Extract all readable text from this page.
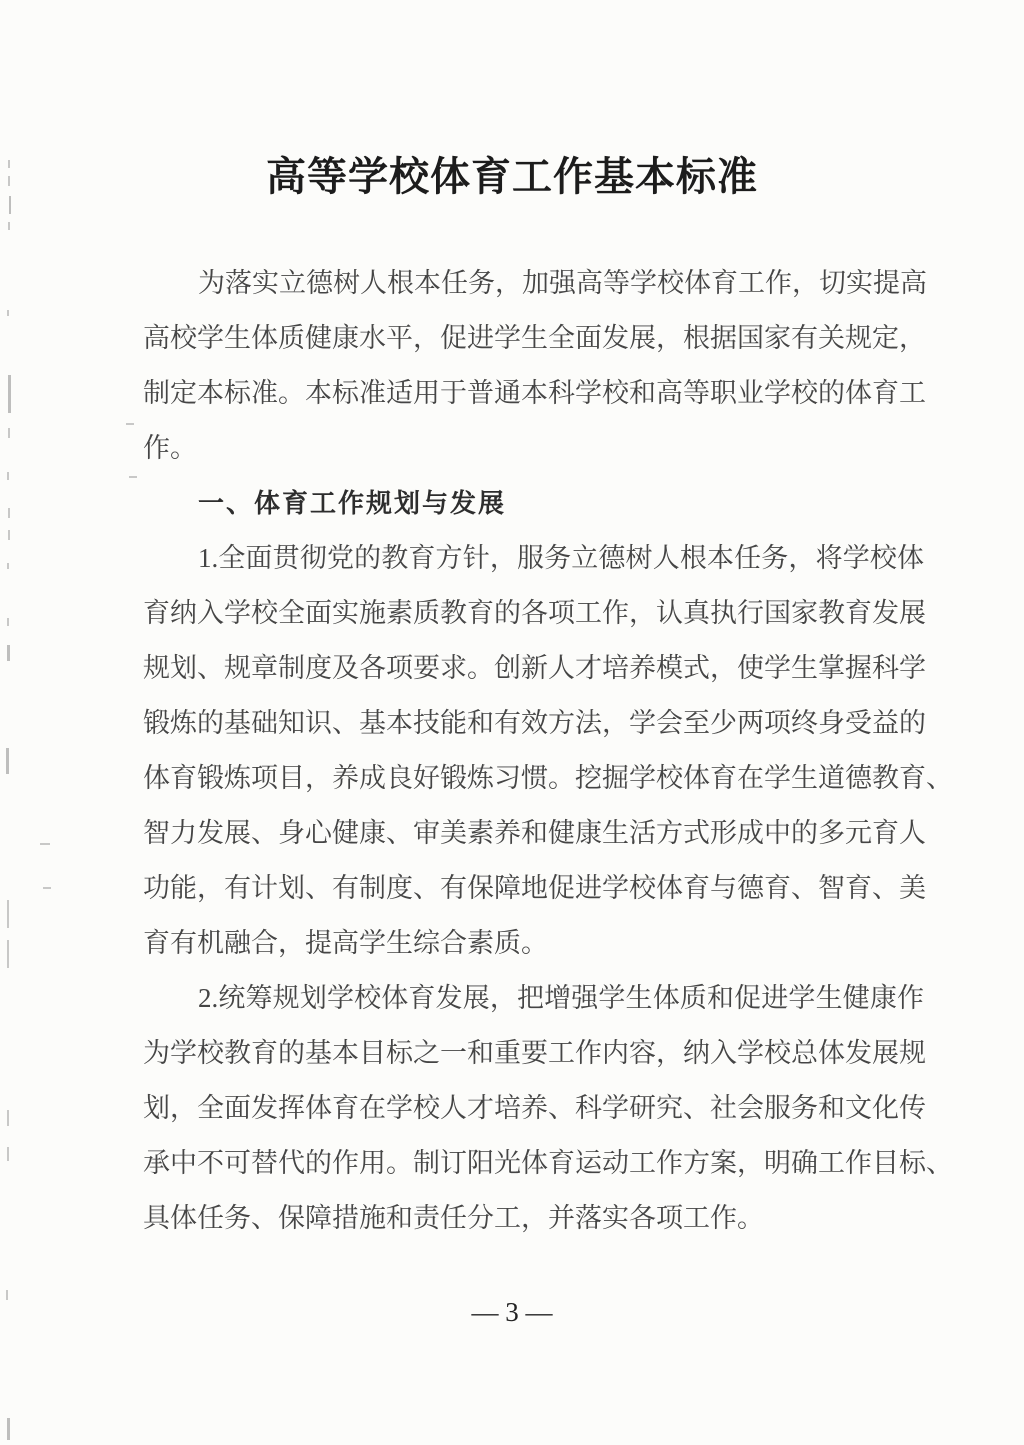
高等学校体育工作基本标准
为落实立德树人根本任务，加强高等学校体育工作，切实提高
高校学生体质健康水平，促进学生全面发展，根据国家有关规定，
制定本标准。本标准适用于普通本科学校和高等职业学校的体育工
作。
一、体育工作规划与发展
1.全面贯彻党的教育方针，服务立德树人根本任务，将学校体
育纳入学校全面实施素质教育的各项工作，认真执行国家教育发展
规划、规章制度及各项要求。创新人才培养模式，使学生掌握科学
锻炼的基础知识、基本技能和有效方法，学会至少两项终身受益的
体育锻炼项目，养成良好锻炼习惯。挖掘学校体育在学生道德教育、
智力发展、身心健康、审美素养和健康生活方式形成中的多元育人
功能，有计划、有制度、有保障地促进学校体育与德育、智育、美
育有机融合，提高学生综合素质。
2.统筹规划学校体育发展，把增强学生体质和促进学生健康作
为学校教育的基本目标之一和重要工作内容，纳入学校总体发展规
划，全面发挥体育在学校人才培养、科学研究、社会服务和文化传
承中不可替代的作用。制订阳光体育运动工作方案，明确工作目标、
具体任务、保障措施和责任分工，并落实各项工作。
— 3 —
